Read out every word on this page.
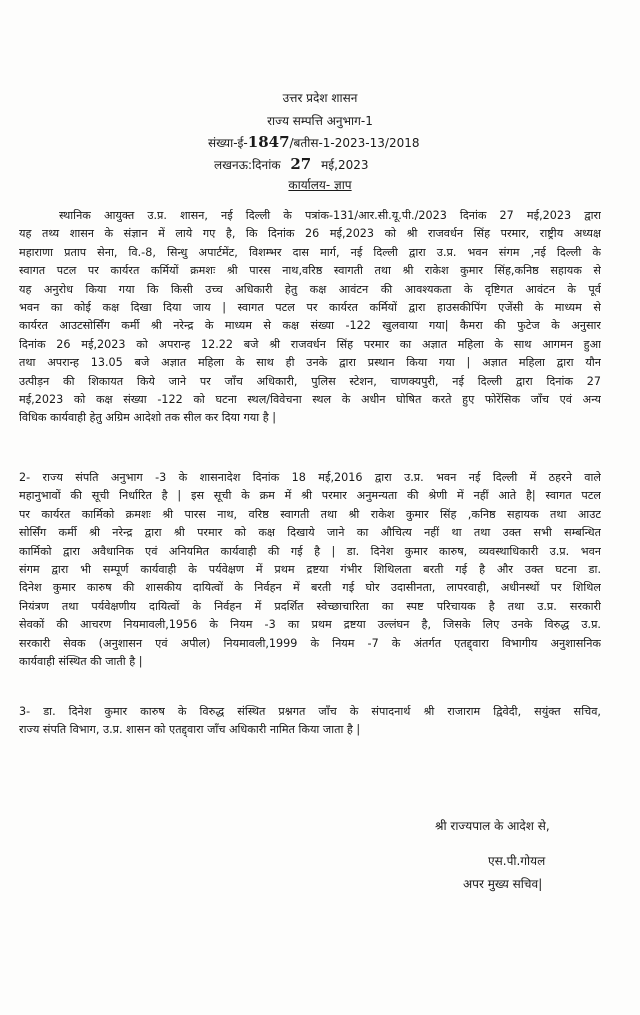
उत्तर प्रदेश शासन
राज्य सम्पत्ति अनुभाग-1
संख्या-ई-1847/बतीस-1-2023-13/2018
लखनऊ:दिनांक 27 मई,2023
कार्यालय- ज्ञाप
स्थानिक आयुक्त उ.प्र. शासन, नई दिल्ली के पत्रांक-131/आर.सी.यू.पी./2023 दिनांक 27 मई,2023 द्वारा
यह तथ्य शासन के संज्ञान में लाये गए है, कि दिनांक 26 मई,2023 को श्री राजवर्धन सिंह परमार, राष्ट्रीय अध्यक्ष
महाराणा प्रताप सेना, वि.-8, सिन्धु अपार्टमेंट, विशम्भर दास मार्ग, नई दिल्ली द्वारा उ.प्र. भवन संगम ,नई दिल्ली के
स्वागत पटल पर कार्यरत कर्मियों क्रमशः श्री पारस नाथ,वरिष्ठ स्वागती तथा श्री राकेश कुमार सिंह,कनिष्ठ सहायक से
यह अनुरोध किया गया कि किसी उच्च अधिकारी हेतु कक्ष आवंटन की आवश्यकता के दृष्टिगत आवंटन के पूर्व
भवन का कोई कक्ष दिखा दिया जाय | स्वागत पटल पर कार्यरत कर्मियों द्वारा हाउसकीपिंग एजेंसी के माध्यम से
कार्यरत आउटसोर्सिंग कर्मी श्री नरेन्द्र के माध्यम से कक्ष संख्या -122 खुलवाया गया| कैमरा की फुटेज के अनुसार
दिनांक 26 मई,2023 को अपरान्ह 12.22 बजे श्री राजवर्धन सिंह परमार का अज्ञात महिला के साथ आगमन हुआ
तथा अपरान्ह 13.05 बजे अज्ञात महिला के साथ ही उनके द्वारा प्रस्थान किया गया | अज्ञात महिला द्वारा यौन
उत्पीड़न की शिकायत किये जाने पर जाँच अधिकारी, पुलिस स्टेशन, चाणक्यपुरी, नई दिल्ली द्वारा दिनांक 27
मई,2023 को कक्ष संख्या -122 को घटना स्थल/विवेचना स्थल के अधीन घोषित करते हुए फोरेंसिक जाँच एवं अन्य
विधिक कार्यवाही हेतु अग्रिम आदेशो तक सील कर दिया गया है |
2- राज्य संपति अनुभाग -3 के शासनादेश दिनांक 18 मई,2016 द्वारा उ.प्र. भवन नई दिल्ली में ठहरने वाले
महानुभावों की सूची निर्धारित है | इस सूची के क्रम में श्री परमार अनुमन्यता की श्रेणी में नहीं आते है| स्वागत पटल
पर कार्यरत कार्मिको क्रमशः श्री पारस नाथ, वरिष्ठ स्वागती तथा श्री राकेश कुमार सिंह ,कनिष्ठ सहायक तथा आउट
सोर्सिंग कर्मी श्री नरेन्द्र द्वारा श्री परमार को कक्ष दिखाये जाने का औचित्य नहीं था तथा उक्त सभी सम्बन्धित
कार्मिको द्वारा अवैधानिक एवं अनियमित कार्यवाही की गई है | डा. दिनेश कुमार कारुष, व्यवस्थाधिकारी उ.प्र. भवन
संगम द्वारा भी सम्पूर्ण कार्यवाही के पर्यवेक्षण में प्रथम द्रष्टया गंभीर शिथिलता बरती गई है और उक्त घटना डा.
दिनेश कुमार कारुष की शासकीय दायित्वों के निर्वहन में बरती गई घोर उदासीनता, लापरवाही, अधीनस्थों पर शिथिल
नियंत्रण तथा पर्यवेक्षणीय दायित्वों के निर्वहन में प्रदर्शित स्वेच्छाचारिता का स्पष्ट परिचायक है तथा उ.प्र. सरकारी
सेवकों की आचरण नियमावली,1956 के नियम -3 का प्रथम द्रष्टया उल्लंघन है, जिसके लिए उनके विरुद्ध उ.प्र.
सरकारी सेवक (अनुशासन एवं अपील) नियमावली,1999 के नियम -7 के अंतर्गत एतद्द्वारा विभागीय अनुशासनिक
कार्यवाही संस्थित की जाती है |
3- डा. दिनेश कुमार कारुष के विरुद्ध संस्थित प्रश्नगत जाँच के संपादनार्थ श्री राजाराम द्विवेदी, सयुंक्त सचिव,
राज्य संपति विभाग, उ.प्र. शासन को एतद्द्वारा जाँच अधिकारी नामित किया जाता है |
श्री राज्यपाल के आदेश से,
एस.पी.गोयल
अपर मुख्य सचिव|
